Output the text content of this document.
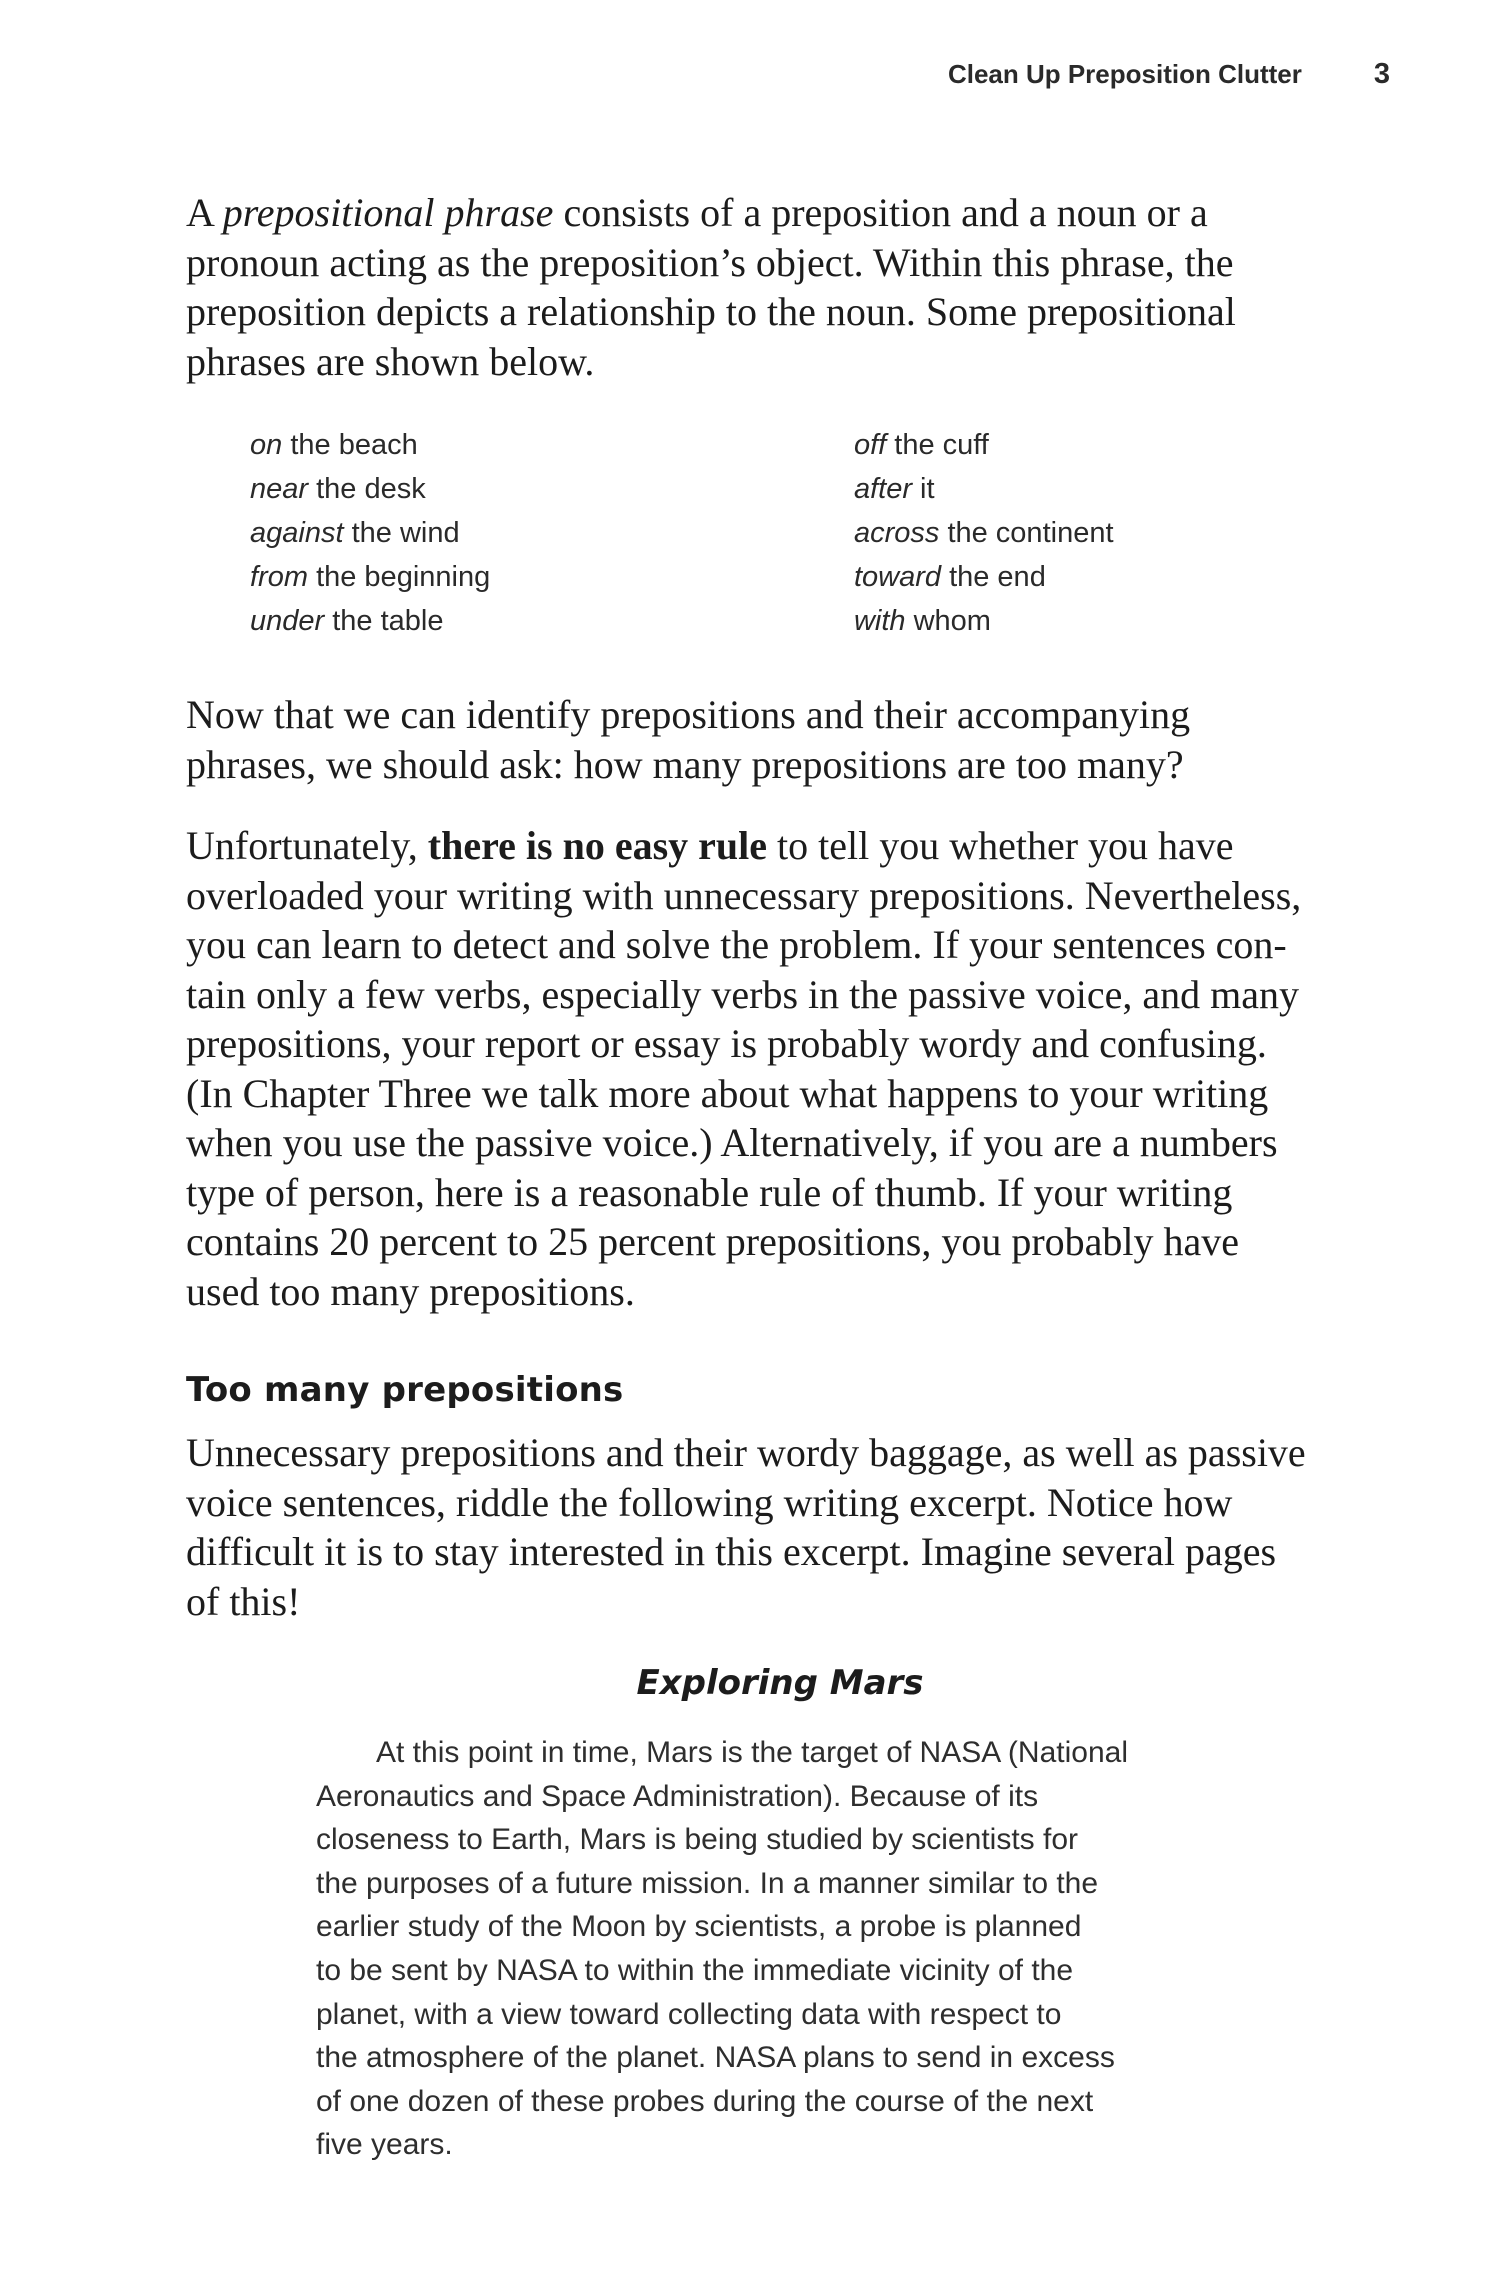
Clean Up Preposition Clutter 3

A prepositional phrase consists of a preposition and a noun or a
pronoun acting as the preposition’s object. Within this phrase, the
preposition depicts a relationship to the noun. Some prepositional
phrases are shown below.

on the beach
near the desk
against the wind
from the beginning
under the table
off the cuff
after it
across the continent
toward the end
with whom

Now that we can identify prepositions and their accompanying
phrases, we should ask: how many prepositions are too many?

Unfortunately, there is no easy rule to tell you whether you have
overloaded your writing with unnecessary prepositions. Nevertheless,
you can learn to detect and solve the problem. If your sentences con-
tain only a few verbs, especially verbs in the passive voice, and many
prepositions, your report or essay is probably wordy and confusing.
(In Chapter Three we talk more about what happens to your writing
when you use the passive voice.) Alternatively, if you are a numbers
type of person, here is a reasonable rule of thumb. If your writing
contains 20 percent to 25 percent prepositions, you probably have
used too many prepositions.

Too many prepositions

Unnecessary prepositions and their wordy baggage, as well as passive
voice sentences, riddle the following writing excerpt. Notice how
difficult it is to stay interested in this excerpt. Imagine several pages
of this!

Exploring Mars

At this point in time, Mars is the target of NASA (National
Aeronautics and Space Administration). Because of its
closeness to Earth, Mars is being studied by scientists for
the purposes of a future mission. In a manner similar to the
earlier study of the Moon by scientists, a probe is planned
to be sent by NASA to within the immediate vicinity of the
planet, with a view toward collecting data with respect to
the atmosphere of the planet. NASA plans to send in excess
of one dozen of these probes during the course of the next
five years.
